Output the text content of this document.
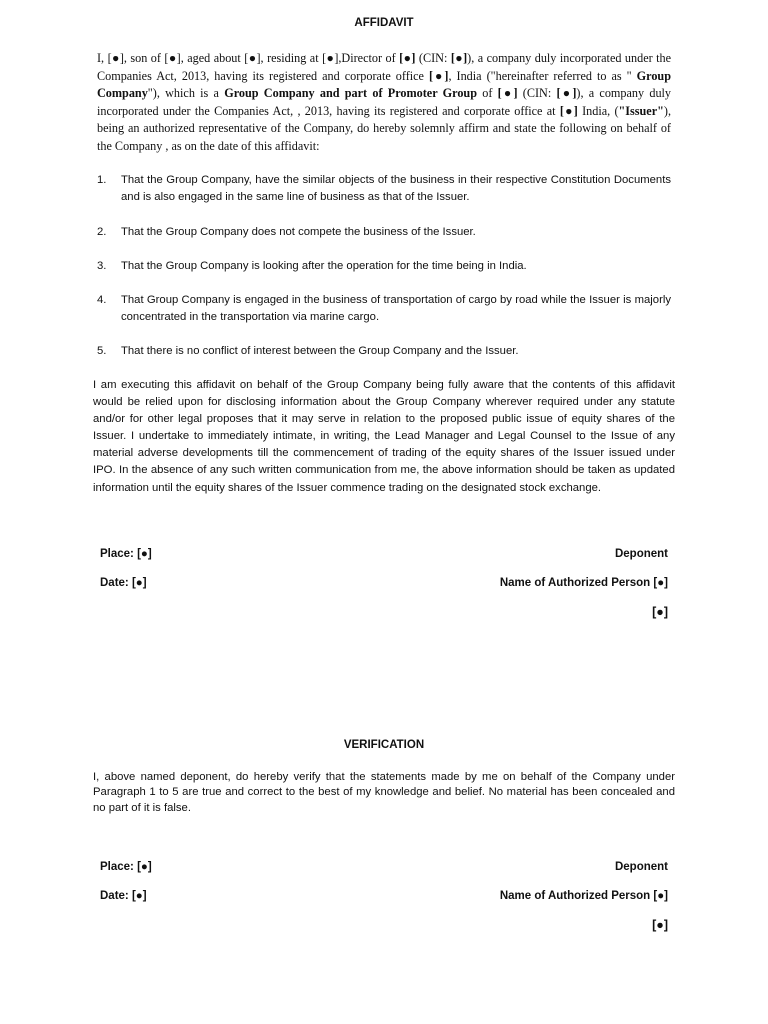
AFFIDAVIT
I, [●], son of [●], aged about [●], residing at [●],Director of [●] (CIN: [●]), a company duly incorporated under the Companies Act, 2013, having its registered and corporate office [●], India ("hereinafter referred to as " Group Company"), which is a Group Company and part of Promoter Group of [●] (CIN: [●]), a company duly incorporated under the Companies Act, , 2013, having its registered and corporate office at [●] India, ("Issuer"), being an authorized representative of the Company, do hereby solemnly affirm and state the following on behalf of the Company , as on the date of this affidavit:
1. That the Group Company, have the similar objects of the business in their respective Constitution Documents and is also engaged in the same line of business as that of the Issuer.
2. That the Group Company does not compete the business of the Issuer.
3. That the Group Company is looking after the operation for the time being in India.
4. That Group Company is engaged in the business of transportation of cargo by road while the Issuer is majorly concentrated in the transportation via marine cargo.
5. That there is no conflict of interest between the Group Company and the Issuer.
I am executing this affidavit on behalf of the Group Company being fully aware that the contents of this affidavit would be relied upon for disclosing information about the Group Company wherever required under any statute and/or for other legal proposes that it may serve in relation to the proposed public issue of equity shares of the Issuer. I undertake to immediately intimate, in writing, the Lead Manager and Legal Counsel to the Issue of any material adverse developments till the commencement of trading of the equity shares of the Issuer issued under IPO. In the absence of any such written communication from me, the above information should be taken as updated information until the equity shares of the Issuer commence trading on the designated stock exchange.
Place: [●]	Deponent
Date: [●]	Name of Authorized Person [●]
[●]
VERIFICATION
I, above named deponent, do hereby verify that the statements made by me on behalf of the Company under Paragraph 1 to 5 are true and correct to the best of my knowledge and belief. No material has been concealed and no part of it is false.
Place: [●]	Deponent
Date: [●]	Name of Authorized Person [●]
[●]
